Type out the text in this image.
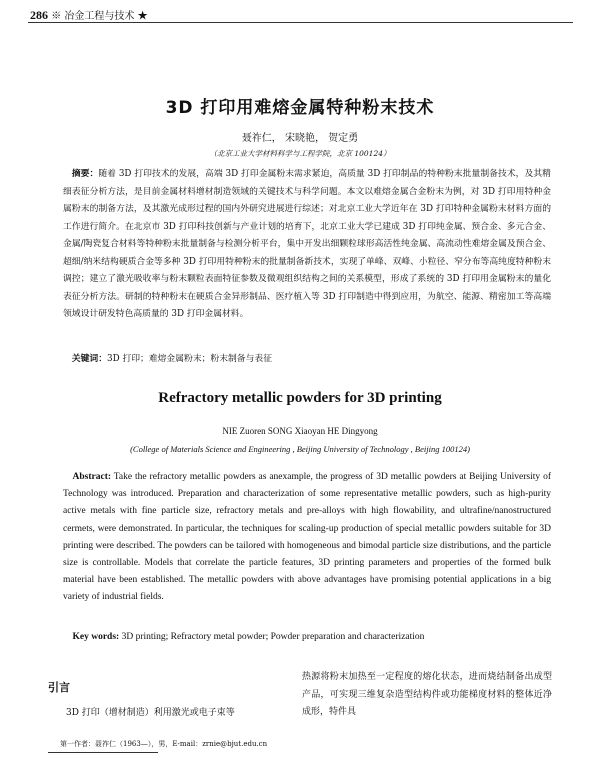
286 ※ 冶金工程与技术 ★
3D 打印用难熔金属特种粉末技术
聂祚仁， 宋晓艳， 贺定勇
（北京工业大学材料科学与工程学院，北京 100124）
摘要：随着 3D 打印技术的发展，高端 3D 打印金属粉末需求紧迫，高质量 3D 打印制品的特种粉末批量制备技术，及其精细表征分析方法，是目前金属材料增材制造领域的关键技术与科学问题。本文以难熔金属合金粉末为例，对 3D 打印用特种金属粉末的制备方法，及其激光成形过程的国内外研究进展进行综述；对北京工业大学近年在 3D 打印特种金属粉末材料方面的工作进行简介。在北京市 3D 打印科技创新与产业计划的培育下，北京工业大学已建成 3D 打印纯金属、预合金、多元合金、金属/陶瓷复合材料等特种粉末批量制备与检测分析平台，集中开发出细颗粒球形高活性纯金属、高流动性难熔金属及预合金、超细/纳米结构硬质合金等多种 3D 打印用特种粉末的批量制备新技术，实现了单峰、双峰、小粒径、窄分布等高纯度特种粉末调控；建立了激光吸收率与粉末颗粒表面特征参数及微观组织结构之间的关系模型，形成了系统的 3D 打印用金属粉末的量化表征分析方法。研制的特种粉末在硬质合金异形制品、医疗植入等 3D 打印制造中得到应用，为航空、能源、精密加工等高端领域设计研发特色高质量的 3D 打印金属材料。
关键词：3D 打印；难熔金属粉末；粉末制备与表征
Refractory metallic powders for 3D printing
NIE Zuoren SONG Xiaoyan HE Dingyong
(College of Materials Science and Engineering , Beijing University of Technology , Beijing 100124)
Abstract: Take the refractory metallic powders as anexample, the progress of 3D metallic powders at Beijing University of Technology was introduced. Preparation and characterization of some representative metallic powders, such as high-purity active metals with fine particle size, refractory metals and pre-alloys with high flowability, and ultrafine/nanostructured cermets, were demonstrated. In particular, the techniques for scaling-up production of special metallic powders suitable for 3D printing were described. The powders can be tailored with homogeneous and bimodal particle size distributions, and the particle size is controllable. Models that correlate the particle features, 3D printing parameters and properties of the formed bulk material have been established. The metallic powders with above advantages have promising potential applications in a big variety of industrial fields.
Key words: 3D printing; Refractory metal powder; Powder preparation and characterization
引言
3D 打印（增材制造）利用激光或电子束等
热源将粉末加热至一定程度的熔化状态，进而烧结制备出成型产品，可实现三维复杂造型结构件或功能梯度材料的整体近净成形，特件具
第一作者：聂祚仁（1963—），男，E-mail：zrnie@bjut.edu.cn
